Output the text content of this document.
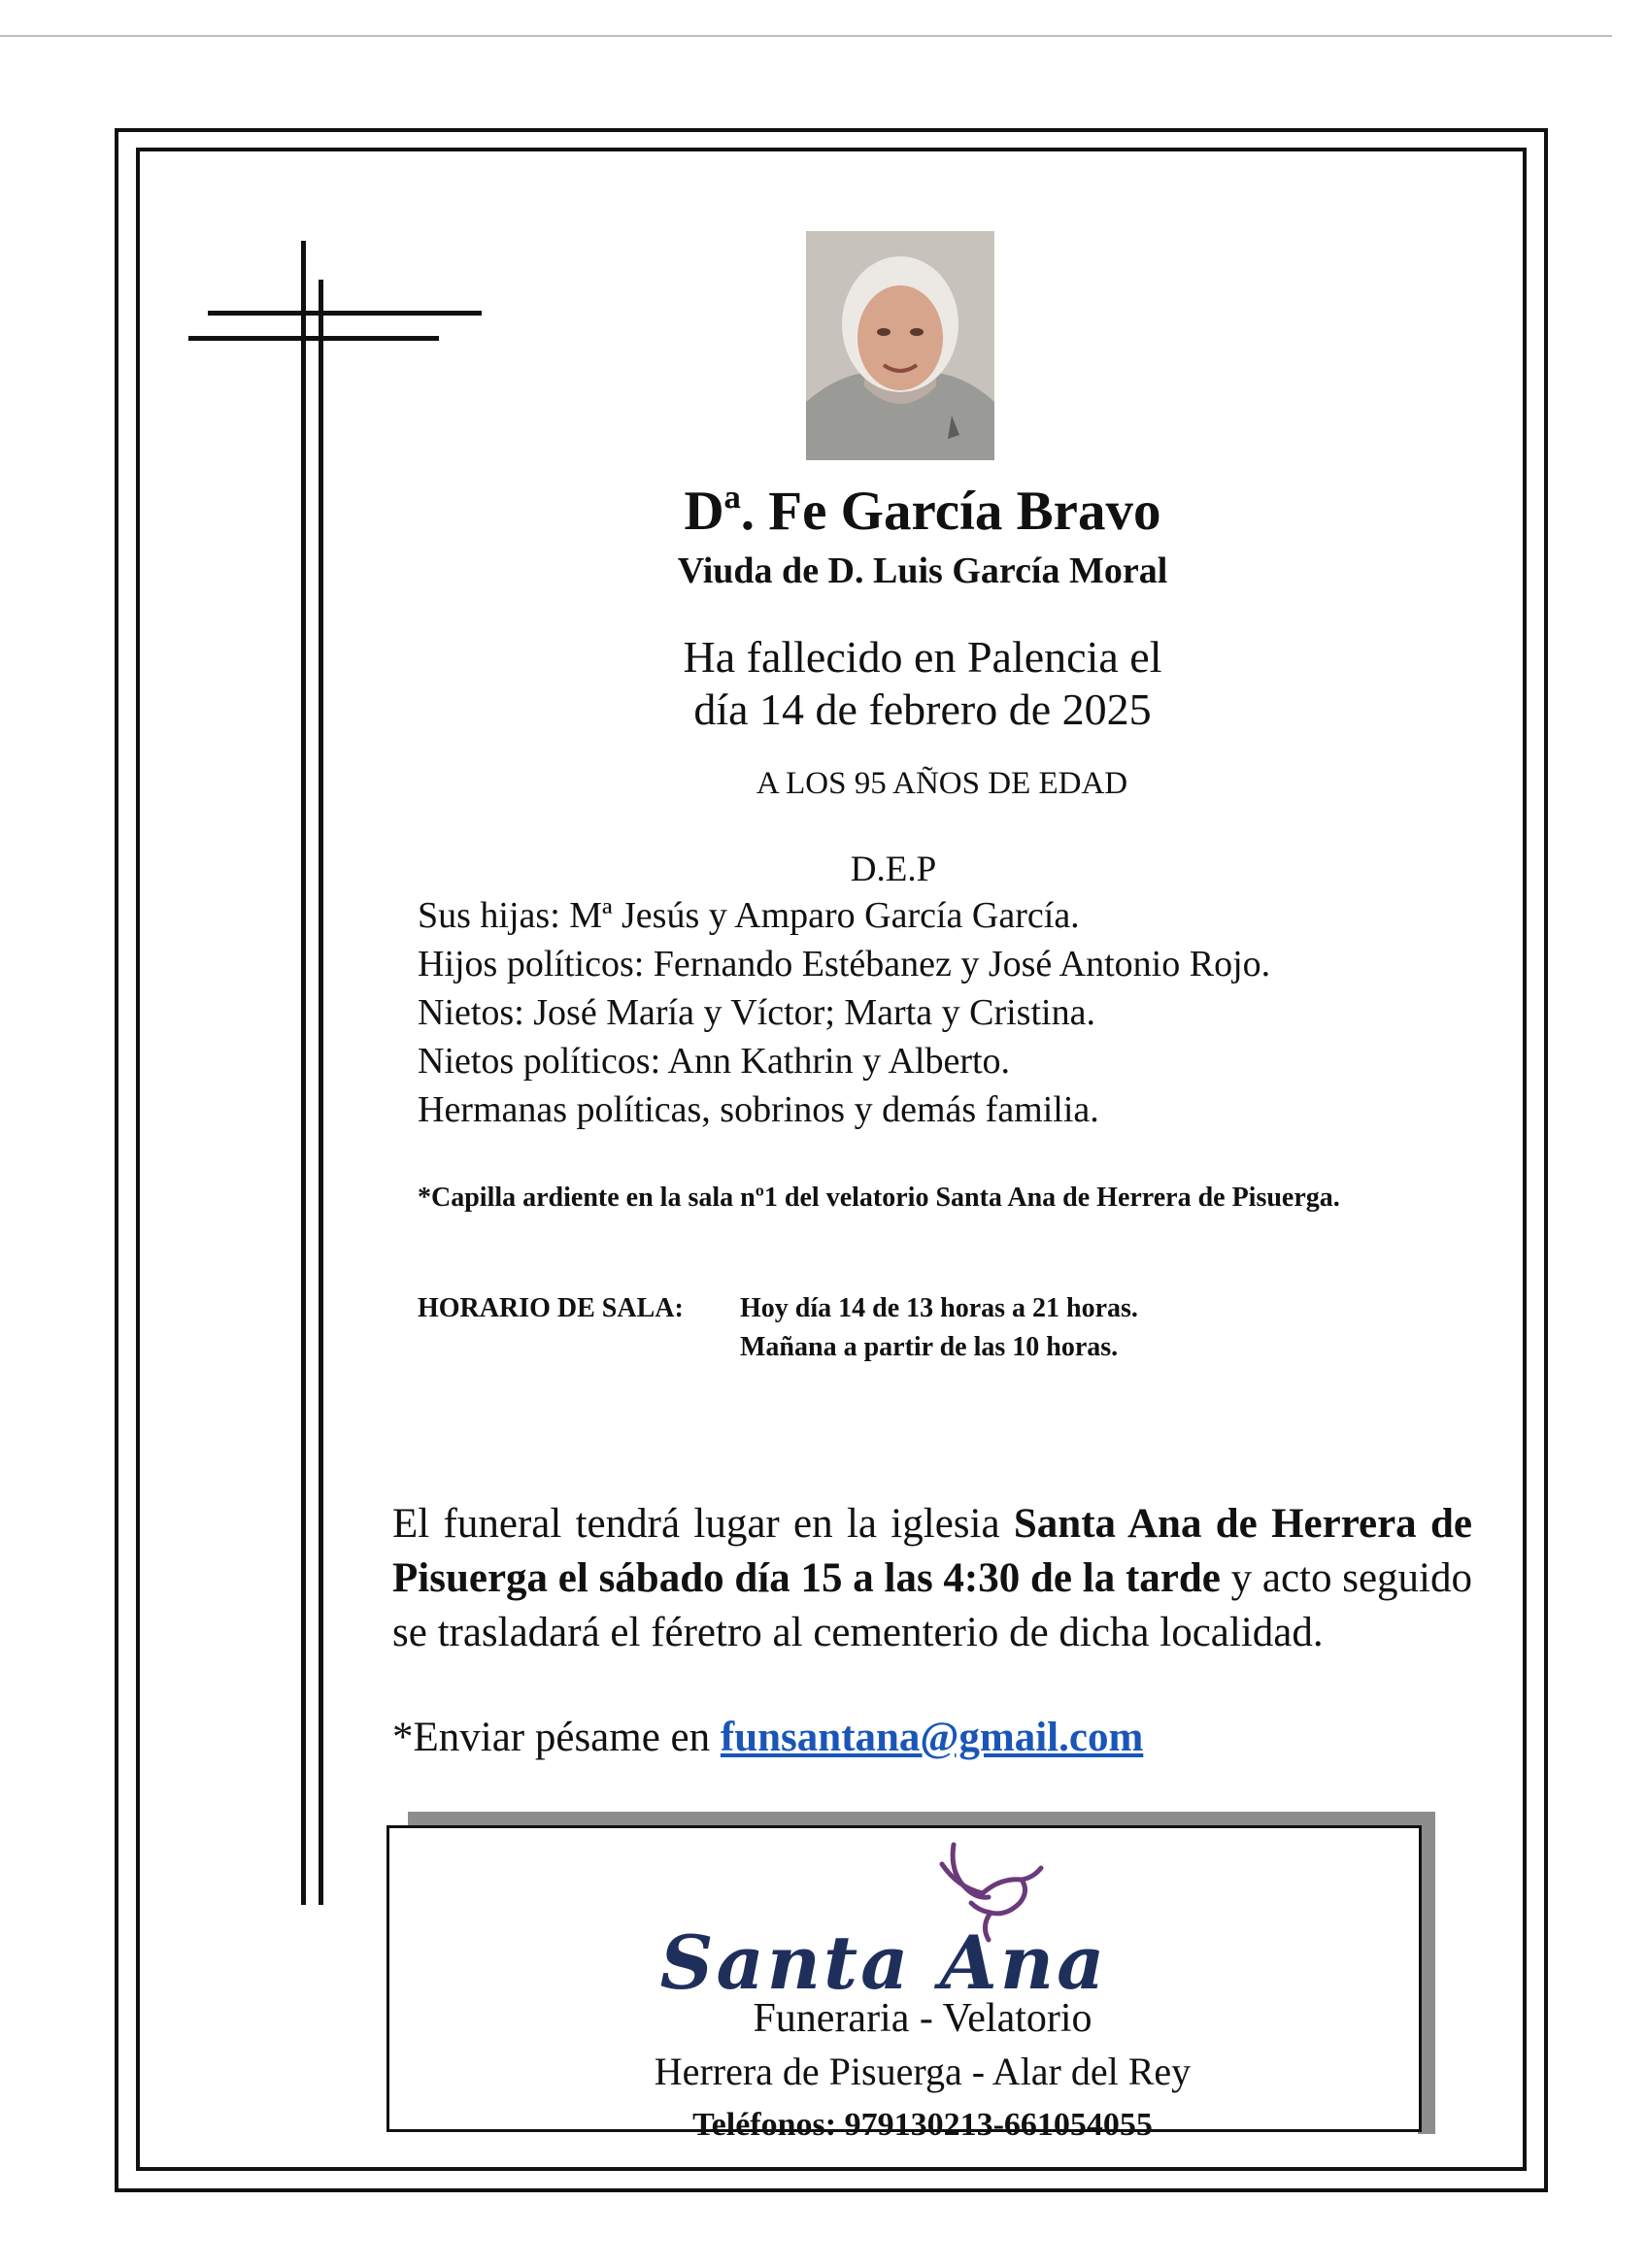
Dª. Fe García Bravo
Viuda de D. Luis García Moral
Ha fallecido en Palencia el
día 14 de febrero de 2025
A LOS 95 AÑOS DE EDAD
D.E.P
Sus hijas: Mª Jesús y Amparo García García.
Hijos políticos: Fernando Estébanez y José Antonio Rojo.
Nietos: José María y Víctor; Marta y Cristina.
Nietos políticos: Ann Kathrin y Alberto.
Hermanas políticas, sobrinos y demás familia.
*Capilla ardiente en la sala nº1 del velatorio Santa Ana de Herrera de Pisuerga.
HORARIO DE SALA: Hoy día 14 de 13 horas a 21 horas.
Mañana a partir de las 10 horas.
El funeral tendrá lugar en la iglesia Santa Ana de Herrera de Pisuerga el sábado día 15 a las 4:30 de la tarde y acto seguido se trasladará el féretro al cementerio de dicha localidad.
*Enviar pésame en funsantana@gmail.com
Santa Ana
Funeraria - Velatorio
Herrera de Pisuerga - Alar del Rey
Teléfonos: 979130213-661054055
